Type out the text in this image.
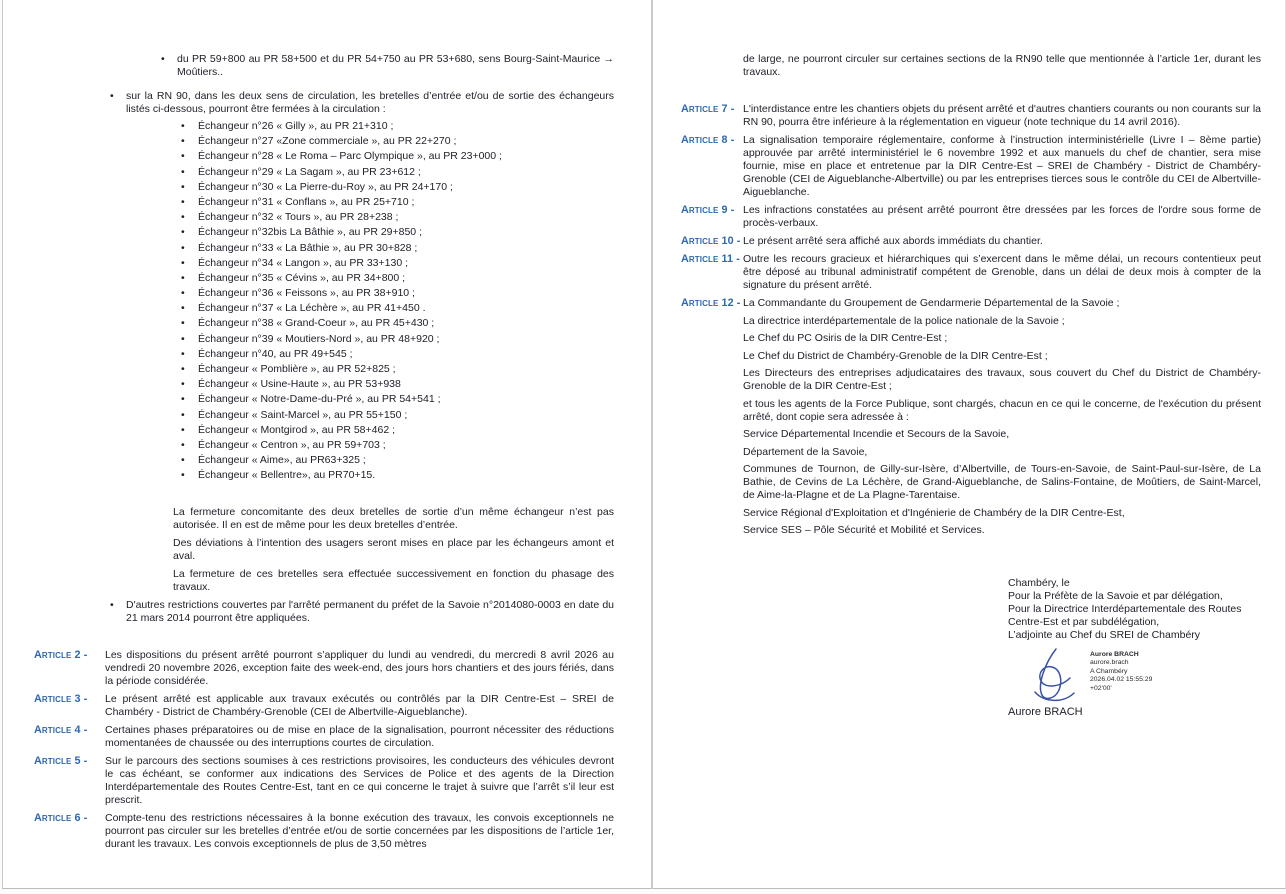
•	du PR 59+800 au PR 58+500 et du PR 54+750 au PR 53+680, sens Bourg-Saint-Maurice → Moûtiers..
•	sur la RN 90, dans les deux sens de circulation, les bretelles d’entrée et/ou de sortie des échangeurs listés ci-dessous, pourront être fermées à la circulation :
•	Échangeur n°26 « Gilly », au PR 21+310 ;
•	Échangeur n°27 «Zone commerciale », au PR 22+270 ;
•	Échangeur n°28 « Le Roma – Parc Olympique », au PR 23+000 ;
•	Échangeur n°29 « La Sagam », au PR 23+612 ;
•	Échangeur n°30 « La Pierre-du-Roy », au PR 24+170 ;
•	Échangeur n°31 « Conflans », au PR 25+710 ;
•	Échangeur n°32 « Tours », au PR 28+238 ;
•	Échangeur n°32bis La Bâthie », au PR 29+850 ;
•	Échangeur n°33 « La Bâthie », au PR 30+828 ;
•	Échangeur n°34 « Langon », au PR 33+130 ;
•	Échangeur n°35 « Cévins », au PR 34+800 ;
•	Échangeur n°36 « Feissons », au PR 38+910 ;
•	Échangeur n°37 « La Léchère », au PR 41+450 .
•	Échangeur n°38 « Grand-Coeur », au PR 45+430 ;
•	Échangeur n°39 « Moutiers-Nord », au PR 48+920 ;
•	Échangeur n°40, au PR 49+545 ;
•	Échangeur « Pomblière », au PR 52+825 ;
•	Échangeur « Usine-Haute », au PR 53+938
•	Échangeur « Notre-Dame-du-Pré », au PR 54+541 ;
•	Échangeur « Saint-Marcel », au PR 55+150 ;
•	Échangeur « Montgirod », au PR 58+462 ;
•	Échangeur « Centron », au PR 59+703 ;
•	Échangeur « Aime», au PR63+325 ;
•	Échangeur « Bellentre», au PR70+15.
La fermeture concomitante des deux bretelles de sortie d’un même échangeur n’est pas autorisée. Il en est de même pour les deux bretelles d’entrée.
Des déviations à l’intention des usagers seront mises en place par les échangeurs amont et aval.
La fermeture de ces bretelles sera effectuée successivement en fonction du phasage des travaux.
•	D'autres restrictions couvertes par l'arrêté permanent du préfet de la Savoie n°2014080-0003 en date du 21 mars 2014 pourront être appliquées.
Article 2 -	Les dispositions du présent arrêté pourront s’appliquer du lundi au vendredi, du mercredi 8 avril 2026 au vendredi 20 novembre 2026, exception faite des week-end, des jours hors chantiers et des jours fériés, dans la période considérée.
Article 3 -	Le présent arrêté est applicable aux travaux exécutés ou contrôlés par la DIR Centre-Est – SREI de Chambéry - District de Chambéry-Grenoble (CEI de Albertville-Aigueblanche).
Article 4 -	Certaines phases préparatoires ou de mise en place de la signalisation, pourront nécessiter des réductions momentanées de chaussée ou des interruptions courtes de circulation.
Article 5 -	Sur le parcours des sections soumises à ces restrictions provisoires, les conducteurs des véhicules devront le cas échéant, se conformer aux indications des Services de Police et des agents de la Direction Interdépartementale des Routes Centre-Est, tant en ce qui concerne le trajet à suivre que l’arrêt s’il leur est prescrit.
Article 6 -	Compte-tenu des restrictions nécessaires à la bonne exécution des travaux, les convois exceptionnels ne pourront pas circuler sur les bretelles d’entrée et/ou de sortie concernées par les dispositions de l’article 1er, durant les travaux. Les convois exceptionnels de plus de 3,50 mètres
de large, ne pourront circuler sur certaines sections de la RN90 telle que mentionnée à l’article 1er, durant les travaux.
Article 7 - L'interdistance entre les chantiers objets du présent arrêté et d'autres chantiers courants ou non courants sur la RN 90, pourra être inférieure à la réglementation en vigueur (note technique du 14 avril 2016).
Article 8 - La signalisation temporaire réglementaire, conforme à l’instruction interministérielle (Livre I – 8ème partie) approuvée par arrêté interministériel le 6 novembre 1992 et aux manuels du chef de chantier, sera mise fournie, mise en place et entretenue par la DIR Centre-Est – SREI de Chambéry - District de Chambéry-Grenoble (CEI de Aigueblanche-Albertville) ou par les entreprises tierces sous le contrôle du CEI de Albertville-Aigueblanche.
Article 9 - Les infractions constatées au présent arrêté pourront être dressées par les forces de l'ordre sous forme de procès-verbaux.
Article 10 - Le présent arrêté sera affiché aux abords immédiats du chantier.
Article 11 - Outre les recours gracieux et hiérarchiques qui s’exercent dans le même délai, un recours contentieux peut être déposé au tribunal administratif compétent de Grenoble, dans un délai de deux mois à compter de la signature du présent arrêté.
Article 12 - La Commandante du Groupement de Gendarmerie Départemental de la Savoie ;

La directrice interdépartementale de la police nationale de la Savoie ;

Le Chef du PC Osiris de la DIR Centre-Est ;

Le Chef du District de Chambéry-Grenoble de la DIR Centre-Est ;

Les Directeurs des entreprises adjudicataires des travaux, sous couvert du Chef du District de Chambéry-Grenoble de la DIR Centre-Est ;

et tous les agents de la Force Publique, sont chargés, chacun en ce qui le concerne, de l'exécution du présent arrêté, dont copie sera adressée à :

Service Départemental Incendie et Secours de la Savoie,

Département de la Savoie,

Communes de Tournon, de Gilly-sur-Isère, d’Albertville, de Tours-en-Savoie, de Saint-Paul-sur-Isère, de La Bathie, de Cevins de La Léchère, de Grand-Aigueblanche, de Salins-Fontaine, de Moûtiers, de Saint-Marcel, de Aime-la-Plagne et de La Plagne-Tarentaise.

Service Régional d'Exploitation et d'Ingénierie de Chambéry de la DIR Centre-Est,

Service SES – Pôle Sécurité et Mobilité et Services.

Chambéry, le
Pour la Préfète de la Savoie et par délégation,
Pour la Directrice Interdépartementale des Routes
Centre-Est et par subdélégation,
L’adjointe au Chef du SREI de Chambéry
Aurore BRACH
aurore.brach
A Chambéry
2026.04.02 15:55:29
+02'00'
Aurore BRACH
